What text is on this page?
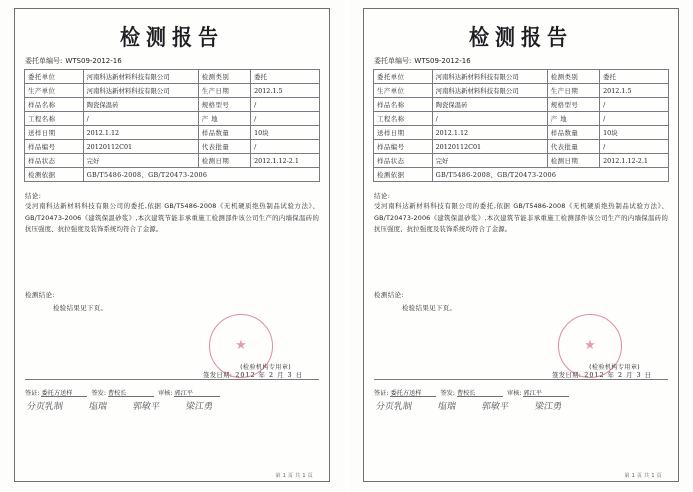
检测报告
委托单编号: WTS09-2012-16
委托单位	河南科达新材料科技有限公司	检测类别	委托
生产单位	河南科达新材料科技有限公司	生产日期	2012.1.5
样品名称	陶瓷保温砖	规格型号	/
工程名称	/	产 地	/
送样日期	2012.1.12	样品数量	10块
样品编号	20120112C01	代表批量	/
样品状态	完好	检测日期	2012.1.12-2.1
检测依据	GB/T5486-2008、GB/T20473-2006		
结论:
受河南科达新材料科技有限公司的委托,依据 GB/T5486-2008《无机硬质绝热制品试验方法》、GB/T20473-2006《建筑保温砂浆》,本次建筑节能非承重施工检测部件该公司生产的内墙保温砖的抗压强度、抗拉强度及装饰系统均符合了金源。
检测结论:
检验结果见下页。
★
(检验机构专用章)
签发日期: 2012 年 2 月 3 日
签证: 委托方送样	签发: 曹校长	审核: 郭江平
分页乳制	塩瑞	郭敏平	梁江勇
第 1 页 共 1 页
检测报告
委托单编号: WTS09-2012-16
委托单位	河南科达新材料科技有限公司	检测类别	委托
生产单位	河南科达新材料科技有限公司	生产日期	2012.1.5
样品名称	陶瓷保温砖	规格型号	/
工程名称	/	产 地	/
送样日期	2012.1.12	样品数量	10块
样品编号	20120112C01	代表批量	/
样品状态	完好	检测日期	2012.1.12-2.1
检测依据	GB/T5486-2008、GB/T20473-2006		
结论:
受河南科达新材料科技有限公司的委托,依据 GB/T5486-2008《无机硬质绝热制品试验方法》、GB/T20473-2006《建筑保温砂浆》,本次建筑节能非承重施工检测部件该公司生产的内墙保温砖的抗压强度、抗拉强度及装饰系统均符合了金源。
检测结论:
检验结果见下页。
★
(检验机构专用章)
签发日期: 2012 年 2 月 3 日
签证: 委托方送样	签发: 曹校长	审核: 郭江平
分页乳制	塩瑞	郭敏平	梁江勇
第 1 页 共 1 页
